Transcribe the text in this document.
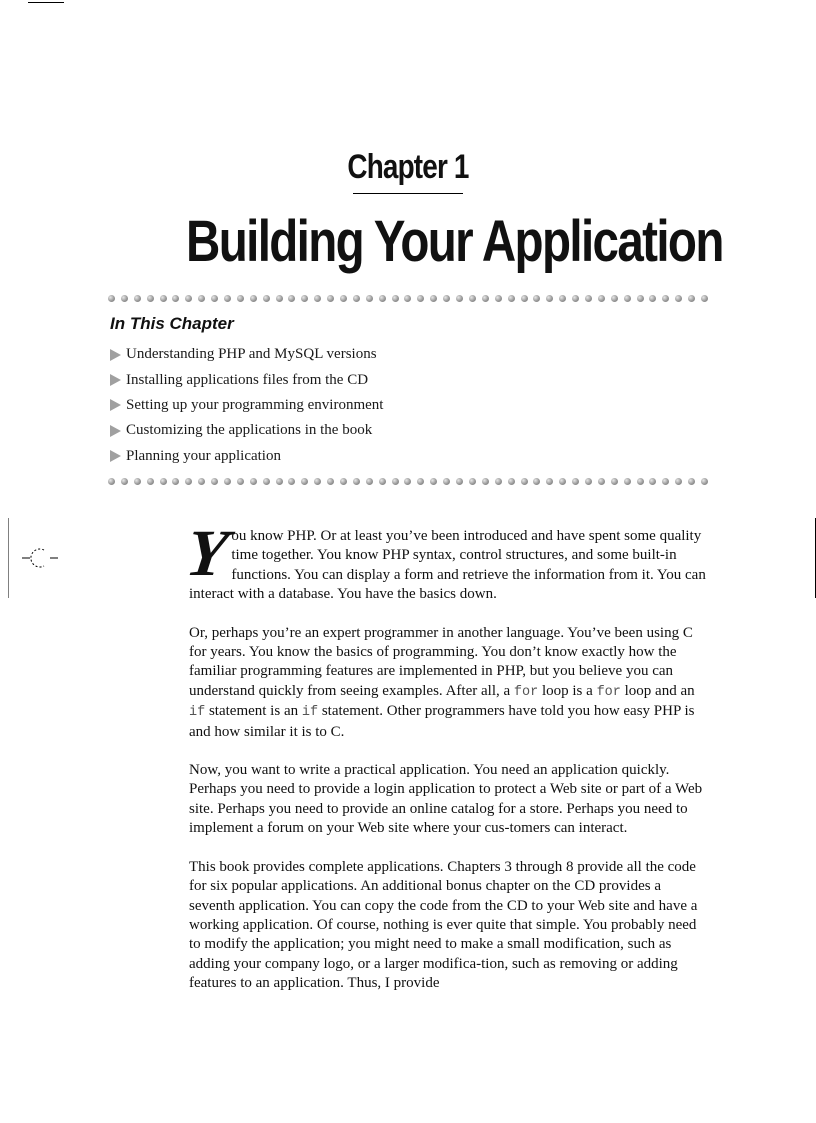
Chapter 1
Building Your Application
In This Chapter
Understanding PHP and MySQL versions
Installing applications files from the CD
Setting up your programming environment
Customizing the applications in the book
Planning your application

Y
ou know PHP. Or at least you’ve been introduced and have spent some quality time together. You know PHP syntax, control structures, and some built-in functions. You can display a form and retrieve the information from it. You can interact with a database. You have the basics down.

Or, perhaps you’re an expert programmer in another language. You’ve been using C for years. You know the basics of programming. You don’t know exactly how the familiar programming features are implemented in PHP, but you believe you can understand quickly from seeing examples. After all, a for loop is a for loop and an if statement is an if statement. Other programmers have told you how easy PHP is and how similar it is to C.

Now, you want to write a practical application. You need an application quickly. Perhaps you need to provide a login application to protect a Web site or part of a Web site. Perhaps you need to provide an online catalog for a store. Perhaps you need to implement a forum on your Web site where your cus-tomers can interact.

This book provides complete applications. Chapters 3 through 8 provide all the code for six popular applications. An additional bonus chapter on the CD provides a seventh application. You can copy the code from the CD to your Web site and have a working application. Of course, nothing is ever quite that simple. You probably need to modify the application; you might need to make a small modification, such as adding your company logo, or a larger modifica-tion, such as removing or adding features to an application. Thus, I provide
